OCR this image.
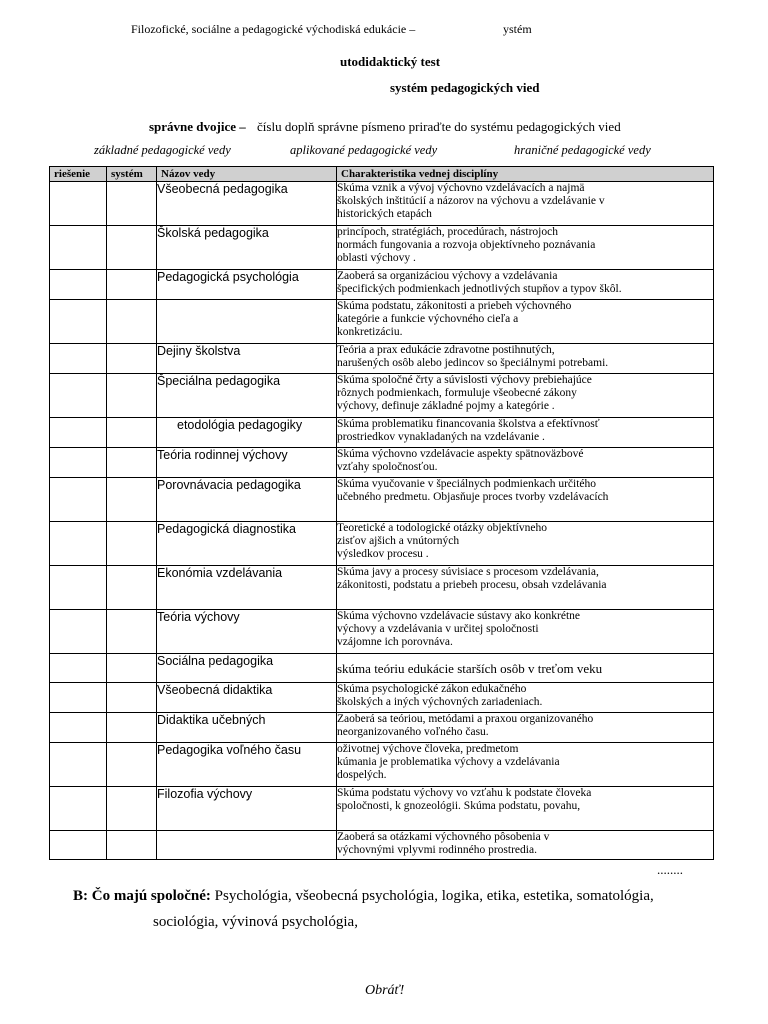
Filozofické, sociálne a pedagogické východiská edukácie –	ystém
utodidaktický test
systém pedagogických vied
správne dvojice – číslu doplň správne písmeno priraďte do systému pedagogických vied
základné pedagogické vedy	aplikované pedagogické vedy	hraničné pedagogické vedy
riešenie	systém	Názov vedy	Charakteristika vednej disciplíny
		Všeobecná pedagogika	Skúma vznik a vývoj výchovno vzdelávacích a najmä
školských inštitúcií a názorov na výchovu a vzdelávanie v
historických etapách
		Školská pedagogika	princípoch, stratégiách, procedúrach, nástrojoch
normách fungovania a rozvoja objektívneho poznávania
oblasti výchovy .
		Pedagogická psychológia	Zaoberá sa organizáciou výchovy a vzdelávania
špecifických podmienkach jednotlivých stupňov a typov škôl.
			Skúma podstatu, zákonitosti a priebeh výchovného
kategórie a funkcie výchovného cieľa a
konkretizáciu.
		Dejiny školstva	Teória a prax edukácie zdravotne postihnutých,
narušených osôb alebo jedincov so špeciálnymi potrebami.
		Špeciálna pedagogika	Skúma spoločné črty a súvislosti výchovy prebiehajúce
rôznych podmienkach, formuluje všeobecné zákony
výchovy, definuje základné pojmy a kategórie .
		etodológia pedagogiky	Skúma problematiku financovania školstva a efektívnosť
prostriedkov vynakladaných na vzdelávanie .
		Teória rodinnej výchovy	Skúma výchovno vzdelávacie aspekty spätnoväzbové
vzťahy spoločnosťou.
		Porovnávacia pedagogika	Skúma vyučovanie v špeciálnych podmienkach určitého
učebného predmetu. Objasňuje proces tvorby vzdelávacích
		Pedagogická diagnostika	Teoretické a todologické otázky objektívneho
zisťov ajšich a vnútorných
výsledkov procesu .
		Ekonómia vzdelávania	Skúma javy a procesy súvisiace s procesom vzdelávania,
zákonitosti, podstatu a priebeh procesu, obsah vzdelávania
		Teória výchovy	Skúma výchovno vzdelávacie sústavy ako konkrétne
výchovy a vzdelávania v určitej spoločnosti
vzájomne ich porovnáva.
		Sociálna pedagogika	skúma teóriu edukácie starších osôb v treťom veku
		Všeobecná didaktika	Skúma psychologické zákon edukačného
školských a iných výchovných zariadeniach.
		Didaktika učebných	Zaoberá sa teóriou, metódami a praxou organizovaného
neorganizovaného voľného času.
		Pedagogika voľného času	oživotnej výchove človeka, predmetom
kúmania je problematika výchovy a vzdelávania
dospelých.
		Filozofia výchovy	Skúma podstatu výchovy vo vzťahu k podstate človeka
spoločnosti, k gnozeológii. Skúma podstatu, povahu,
			Zaoberá sa otázkami výchovného pôsobenia v
výchovnými vplyvmi rodinného prostredia.
........
B: Čo majú spoločné: Psychológia, všeobecná psychológia, logika, etika, estetika, somatológia,
sociológia, vývinová psychológia,
Obráť!
